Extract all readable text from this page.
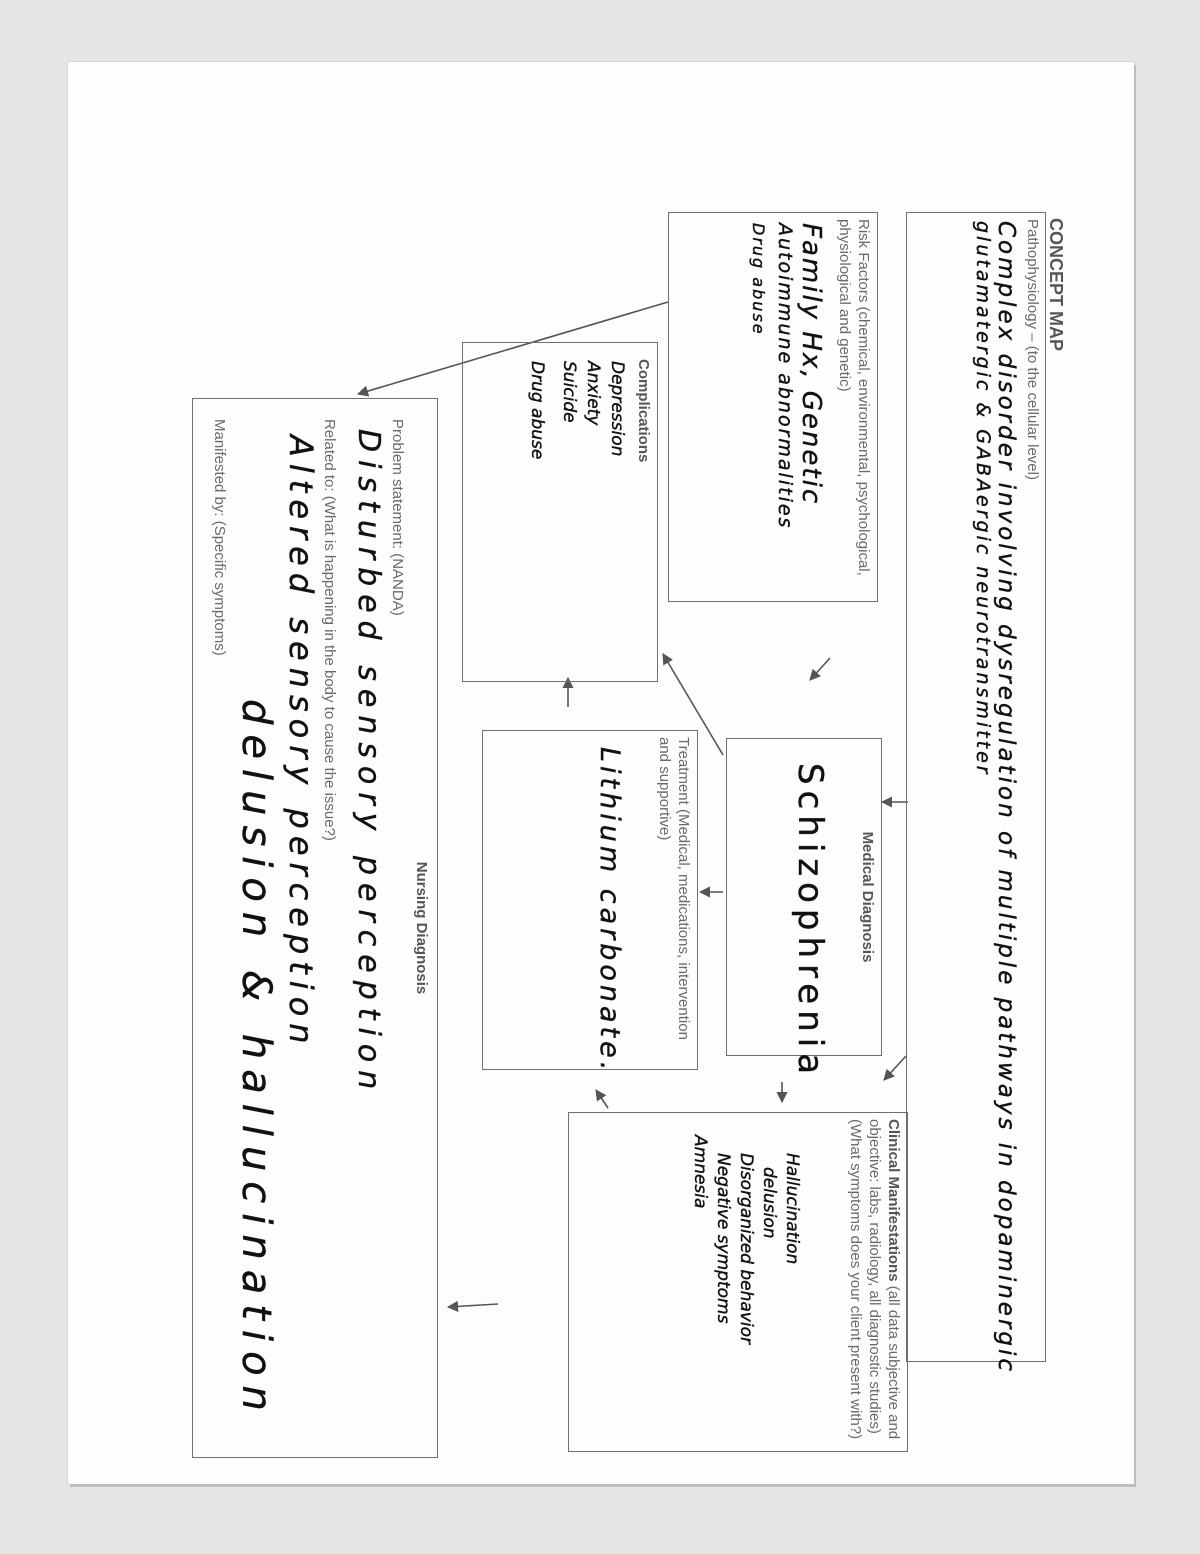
CONCEPT MAP
Pathophysiology – (to the cellular level)
Complex disorder involving dysregulation of multiple pathways in dopaminergic
glutamatergic & GABAergic neurotransmitter
Risk Factors (chemical, environmental, psychological, physiological and genetic)
Family Hx, Genetic
Autoimmune abnormalities
Drug abuse
Complications
Depression
Anxiety
Suicide
Drug abuse
Medical Diagnosis
Schizophrenia
Treatment (Medical, medications, intervention and supportive)
Lithium carbonate.
Clinical Manifestations (all data subjective and objective: labs, radiology, all diagnostic studies) (What symptoms does your client present with?)
Hallucination
delusion
Disorganized behavior
Negative symptoms
Amnesia
Nursing Diagnosis
Problem statement: (NANDA)
Disturbed sensory perception
Related to: (What is happening in the body to cause the issue?)
Altered sensory perception
Manifested by: (Specific symptoms)
delusion & hallucination
